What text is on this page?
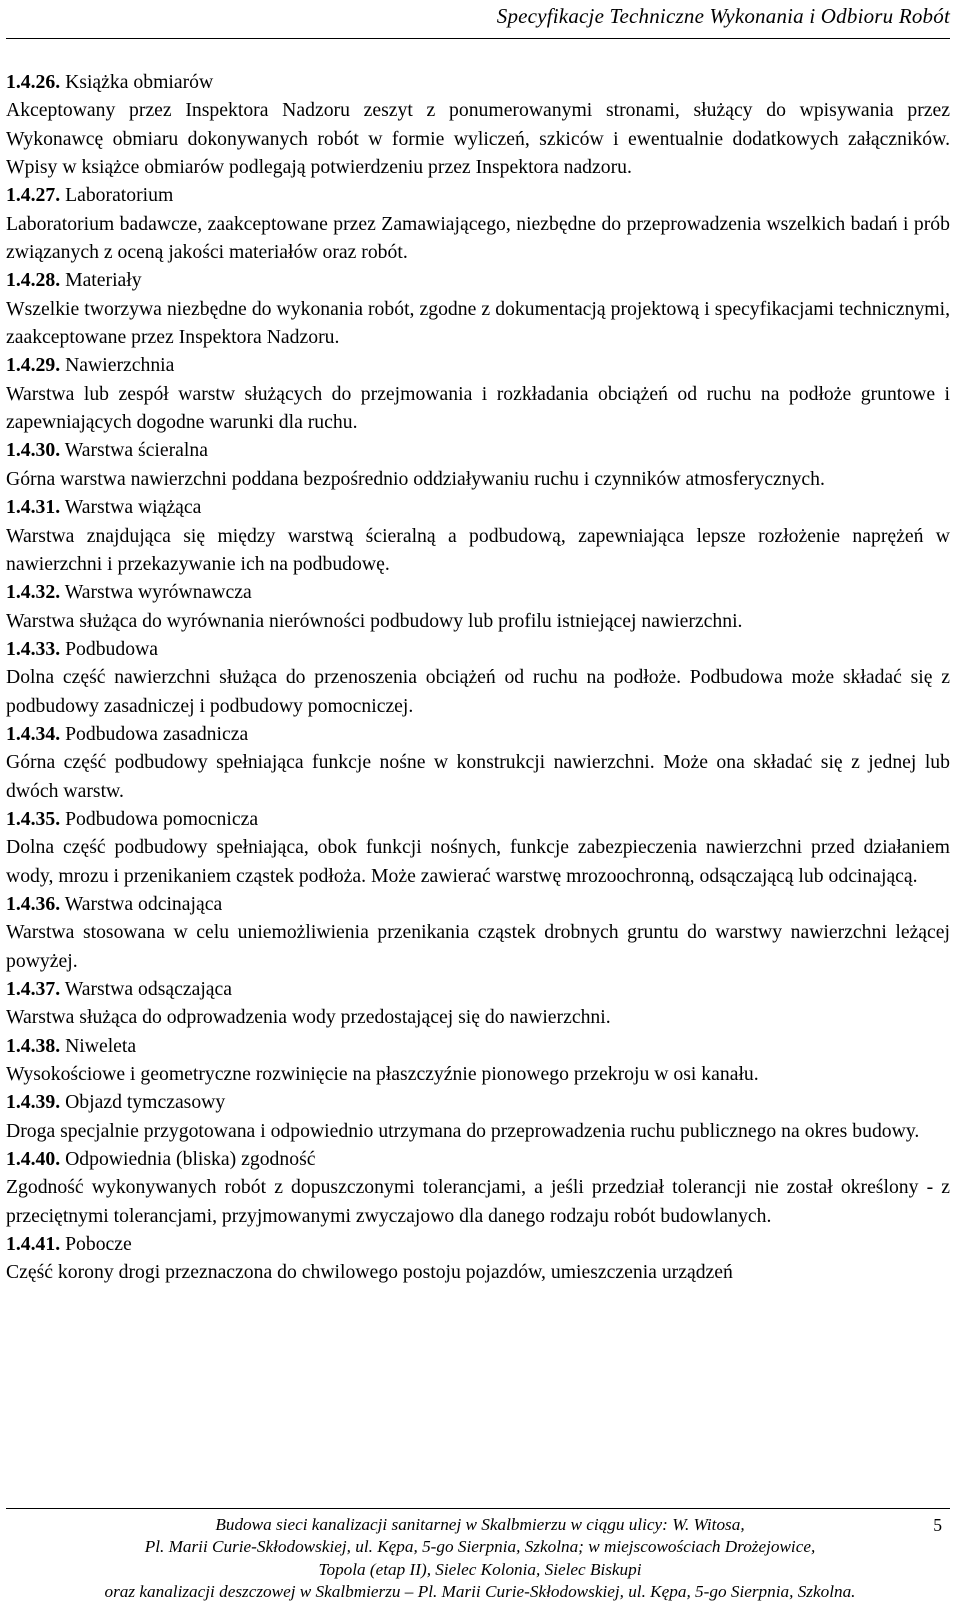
Specyfikacje Techniczne Wykonania i Odbioru Robót
1.4.26. Książka obmiarów
Akceptowany przez Inspektora Nadzoru zeszyt z ponumerowanymi stronami, służący do wpisywania przez Wykonawcę obmiaru dokonywanych robót w formie wyliczeń, szkiców i ewentualnie dodatkowych załączników. Wpisy w książce obmiarów podlegają potwierdzeniu przez Inspektora nadzoru.
1.4.27. Laboratorium
Laboratorium badawcze, zaakceptowane przez Zamawiającego, niezbędne do przeprowadzenia wszelkich badań i prób związanych z oceną jakości materiałów oraz robót.
1.4.28. Materiały
Wszelkie tworzywa niezbędne do wykonania robót, zgodne z dokumentacją projektową i specyfikacjami technicznymi, zaakceptowane przez Inspektora Nadzoru.
1.4.29. Nawierzchnia
Warstwa lub zespół warstw służących do przejmowania i rozkładania obciążeń od ruchu na podłoże gruntowe i zapewniających dogodne warunki dla ruchu.
1.4.30. Warstwa ścieralna
Górna warstwa nawierzchni poddana bezpośrednio oddziaływaniu ruchu i czynników atmosferycznych.
1.4.31. Warstwa wiążąca
Warstwa znajdująca się między warstwą ścieralną a podbudową, zapewniająca lepsze rozłożenie naprężeń w nawierzchni i przekazywanie ich na podbudowę.
1.4.32. Warstwa wyrównawcza
Warstwa służąca do wyrównania nierówności podbudowy lub profilu istniejącej nawierzchni.
1.4.33. Podbudowa
Dolna część nawierzchni służąca do przenoszenia obciążeń od ruchu na podłoże. Podbudowa może składać się z podbudowy zasadniczej i podbudowy pomocniczej.
1.4.34. Podbudowa zasadnicza
Górna część podbudowy spełniająca funkcje nośne w konstrukcji nawierzchni. Może ona składać się z jednej lub dwóch warstw.
1.4.35. Podbudowa pomocnicza
Dolna część podbudowy spełniająca, obok funkcji nośnych, funkcje zabezpieczenia nawierzchni przed działaniem wody, mrozu i przenikaniem cząstek podłoża. Może zawierać warstwę mrozoochronną, odsączającą lub odcinającą.
1.4.36. Warstwa odcinająca
Warstwa stosowana w celu uniemożliwienia przenikania cząstek drobnych gruntu do warstwy nawierzchni leżącej powyżej.
1.4.37. Warstwa odsączająca
Warstwa służąca do odprowadzenia wody przedostającej się do nawierzchni.
1.4.38. Niweleta
Wysokościowe i geometryczne rozwinięcie na płaszczyźnie pionowego przekroju w osi kanału.
1.4.39. Objazd tymczasowy
Droga specjalnie przygotowana i odpowiednio utrzymana do przeprowadzenia ruchu publicznego na okres budowy.
1.4.40. Odpowiednia (bliska) zgodność
Zgodność wykonywanych robót z dopuszczonymi tolerancjami, a jeśli przedział tolerancji nie został określony - z przeciętnymi tolerancjami, przyjmowanymi zwyczajowo dla danego rodzaju robót budowlanych.
1.4.41. Pobocze
Część korony drogi przeznaczona do chwilowego postoju pojazdów, umieszczenia urządzeń
Budowa sieci kanalizacji sanitarnej w Skalbmierzu w ciągu ulicy: W. Witosa,
Pl. Marii Curie-Skłodowskiej, ul. Kępa, 5-go Sierpnia, Szkolna; w miejscowościach Drożejowice,
Topola (etap II), Sielec Kolonia, Sielec Biskupi
oraz kanalizacji deszczowej w Skalbmierzu – Pl. Marii Curie-Skłodowskiej, ul. Kępa, 5-go Sierpnia, Szkolna.
5
